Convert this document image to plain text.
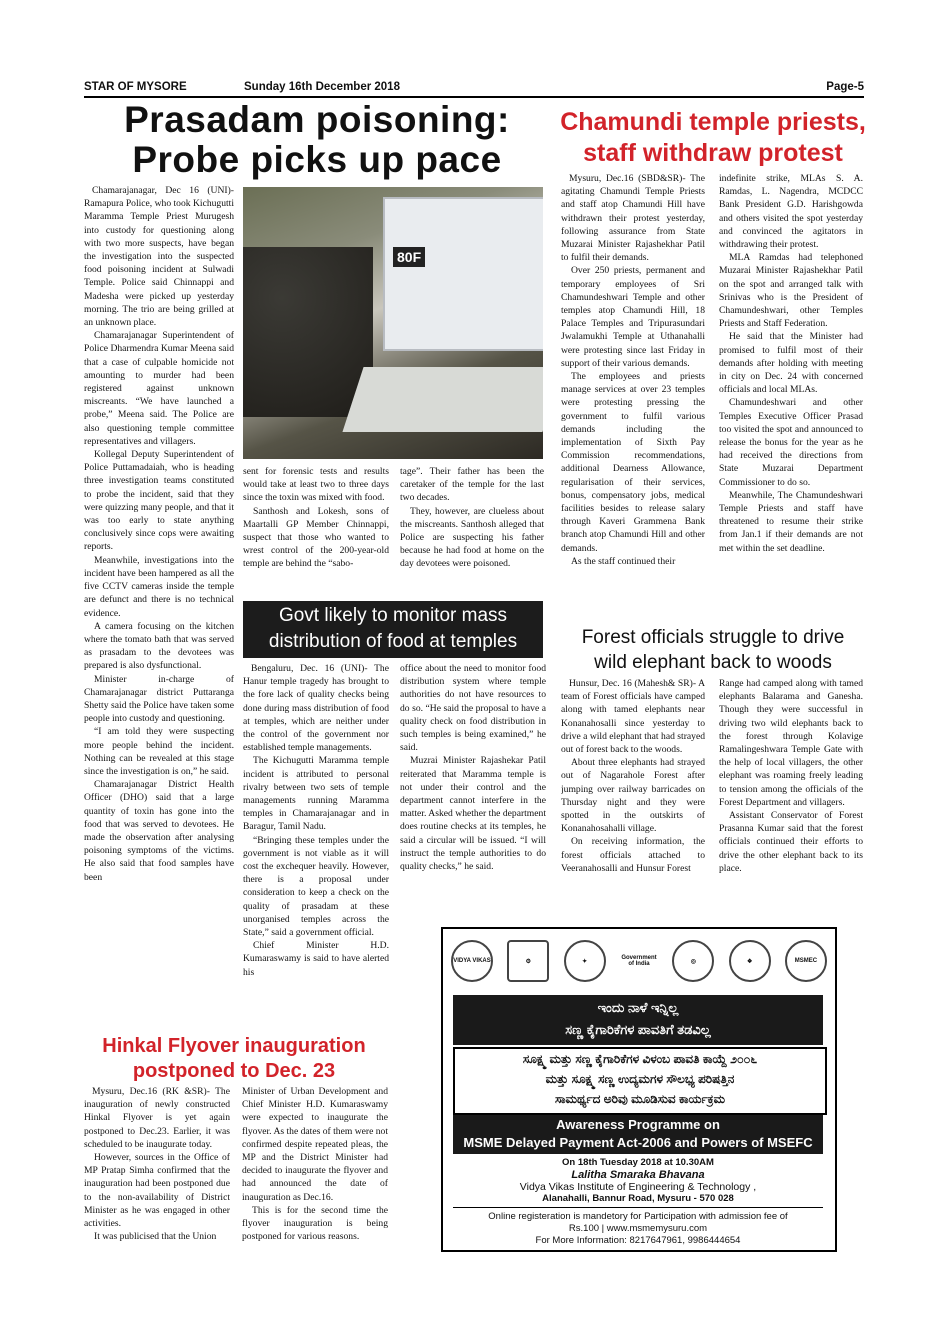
STAR OF MYSORE	Sunday 16th December 2018	Page-5
Prasadam poisoning:
Probe picks up pace

Chamarajanagar, Dec 16 (UNI)- Ramapura Police, who took Kichugutti Maramma Temple Priest Murugesh into custody for questioning along with two more suspects, have began the investigation into the suspected food poisoning incident at Sulwadi Temple. Police said Chinnappi and Madesha were picked up yesterday morning. The trio are being grilled at an unknown place.

Chamarajanagar Superintendent of Police Dharmendra Kumar Meena said that a case of culpable homicide not amounting to murder had been registered against unknown miscreants. “We have launched a probe,” Meena said. The Police are also questioning temple committee representatives and villagers.

Kollegal Deputy Superintendent of Police Puttamadaiah, who is heading three investigation teams constituted to probe the incident, said that they were quizzing many people, and that it was too early to state anything conclusively since cops were awaiting reports.

Meanwhile, investigations into the incident have been hampered as all the five CCTV cameras inside the temple are defunct and there is no technical evidence.

A camera focusing on the kitchen where the tomato bath that was served as prasadam to the devotees was prepared is also dysfunctional.

Minister in-charge of Chamarajanagar district Puttaranga Shetty said the Police have taken some people into custody and questioning.

“I am told they were suspecting more people behind the incident. Nothing can be revealed at this stage since the investigation is on,” he said.

Chamarajanagar District Health Officer (DHO) said that a large quantity of toxin has gone into the food that was served to devotees. He made the observation after analysing poisoning symptoms of the victims. He also said that food samples have been

80F

sent for forensic tests and results would take at least two to three days since the toxin was mixed with food.

Santhosh and Lokesh, sons of Maartalli GP Member Chinnappi, suspect that those who wanted to wrest control of the 200-year-old temple are behind the “sabo-

tage”. Their father has been the caretaker of the temple for the last two decades.

They, however, are clueless about the miscreants. Santhosh alleged that Police are suspecting his father because he had food at home on the day devotees were poisoned.

Govt likely to monitor mass
distribution of food at temples

Bengaluru, Dec. 16 (UNI)- The Hanur temple tragedy has brought to the fore lack of quality checks being done during mass distribution of food at temples, which are neither under the control of the government nor established temple managements.

The Kichugutti Maramma temple incident is attributed to personal rivalry between two sets of temple managements running Maramma temples in Chamarajanagar and in Baragur, Tamil Nadu.

“Bringing these temples under the government is not viable as it will cost the exchequer heavily. However, there is a proposal under consideration to keep a check on the quality of prasadam at these unorganised temples across the State,” said a government official.

Chief Minister H.D. Kumaraswamy is said to have alerted his

office about the need to monitor food distribution system where temple authorities do not have resources to do so. “He said the proposal to have a quality check on food distribution in such temples is being examined,” he said.

Muzrai Minister Rajashekar Patil reiterated that Maramma temple is not under their control and the department cannot interfere in the matter. Asked whether the department does routine checks at its temples, he said a circular will be issued. “I will instruct the temple authorities to do quality checks,” he said.

Chamundi temple priests,
staff withdraw protest

Mysuru, Dec.16 (SBD&SR)- The agitating Chamundi Temple Priests and staff atop Chamundi Hill have withdrawn their protest yesterday, following assurance from State Muzarai Minister Rajashekhar Patil to fulfil their demands.

Over 250 priests, permanent and temporary employees of Sri Chamundeshwari Temple and other temples atop Chamundi Hill, 18 Palace Temples and Tripurasundari Jwalamukhi Temple at Uthanahalli were protesting since last Friday in support of their various demands.

The employees and priests manage services at over 23 temples were protesting pressing the government to fulfil various demands including the implementation of Sixth Pay Commission recommendations, additional Dearness Allowance, regularisation of their services, bonus, compensatory jobs, medical facilities besides to release salary through Kaveri Grammena Bank branch atop Chamundi Hill and other demands.

As the staff continued their

indefinite strike, MLAs S. A. Ramdas, L. Nagendra, MCDCC Bank President G.D. Harishgowda and others visited the spot yesterday and convinced the agitators in withdrawing their protest.

MLA Ramdas had telephoned Muzarai Minister Rajashekhar Patil on the spot and arranged talk with Srinivas who is the President of Chamundeshwari, other Temples Priests and Staff Federation.

He said that the Minister had promised to fulfil most of their demands after holding with meeting in city on Dec. 24 with concerned officials and local MLAs.

Chamundeshwari and other Temples Executive Officer Prasad too visited the spot and announced to release the bonus for the year as he had received the directions from State Muzarai Department Commissioner to do so.

Meanwhile, The Chamundeshwari Temple Priests and staff have threatened to resume their strike from Jan.1 if their demands are not met within the set deadline.

Forest officials struggle to drive
wild elephant back to woods

Hunsur, Dec. 16 (Mahesh& SR)- A team of Forest officials have camped along with tamed elephants near Konanahosalli since yesterday to drive a wild elephant that had strayed out of forest back to the woods.

About three elephants had strayed out of Nagarahole Forest after jumping over railway barricades on Thursday night and they were spotted in the outskirts of Konanahosahalli village.

On receiving information, the forest officials attached to Veeranahosalli and Hunsur Forest

Range had camped along with tamed elephants Balarama and Ganesha. Though they were successful in driving two wild elephants back to the forest through Kolavige Ramalingeshwara Temple Gate with the help of local villagers, the other elephant was roaming freely leading to tension among the officials of the Forest Department and villagers.

Assistant Conservator of Forest Prasanna Kumar said that the forest officials continued their efforts to drive the other elephant back to its place.

Hinkal Flyover inauguration
postponed to Dec. 23

Mysuru, Dec.16 (RK &SR)- The inauguration of newly constructed Hinkal Flyover is yet again postponed to Dec.23. Earlier, it was scheduled to be inaugurate today.

However, sources in the Office of MP Pratap Simha confirmed that the inauguration had been postponed due to the non-availability of District Minister as he was engaged in other activities.

It was publicised that the Union

Minister of Urban Development and Chief Minister H.D. Kumaraswamy were expected to inaugurate the flyover. As the dates of them were not confirmed despite repeated pleas, the MP and the District Minister had decided to inaugurate the flyover and had announced the date of inauguration as Dec.16.

This is for the second time the flyover inauguration is being postponed for various reasons.

VIDYA VIKAS	⚙	✦
Government of India	◎	❖	MSMEC
ಇಂದು ನಾಳೆ ಇನ್ನಿಲ್ಲ
ಸಣ್ಣ ಕೈಗಾರಿಕೆಗಳ ಪಾವತಿಗೆ ತಡವಿಲ್ಲ
ಸೂಕ್ಷ್ಮ ಮತ್ತು ಸಣ್ಣ ಕೈಗಾರಿಕೆಗಳ ವಿಳಂಬ ಪಾವತಿ ಕಾಯ್ದೆ ೨೦೦೬
ಮತ್ತು ಸೂಕ್ಷ್ಮ ಸಣ್ಣ ಉದ್ಯಮಗಳ ಸೌಲಭ್ಯ ಪರಿಷತ್ತಿನ
ಸಾಮರ್ಥ್ಯದ ಅರಿವು ಮೂಡಿಸುವ ಕಾರ್ಯಕ್ರಮ
Awareness Programme on
MSME Delayed Payment Act-2006 and Powers of MSEFC
On 18th Tuesday 2018 at 10.30AM
Lalitha Smaraka Bhavana
Vidya Vikas Institute of Engineering & Technology ,
Alanahalli, Bannur Road, Mysuru - 570 028
Online registeration is mandetory for Participation with admission fee of
Rs.100 | www.msmemysuru.com
For More Information: 8217647961, 9986444654
